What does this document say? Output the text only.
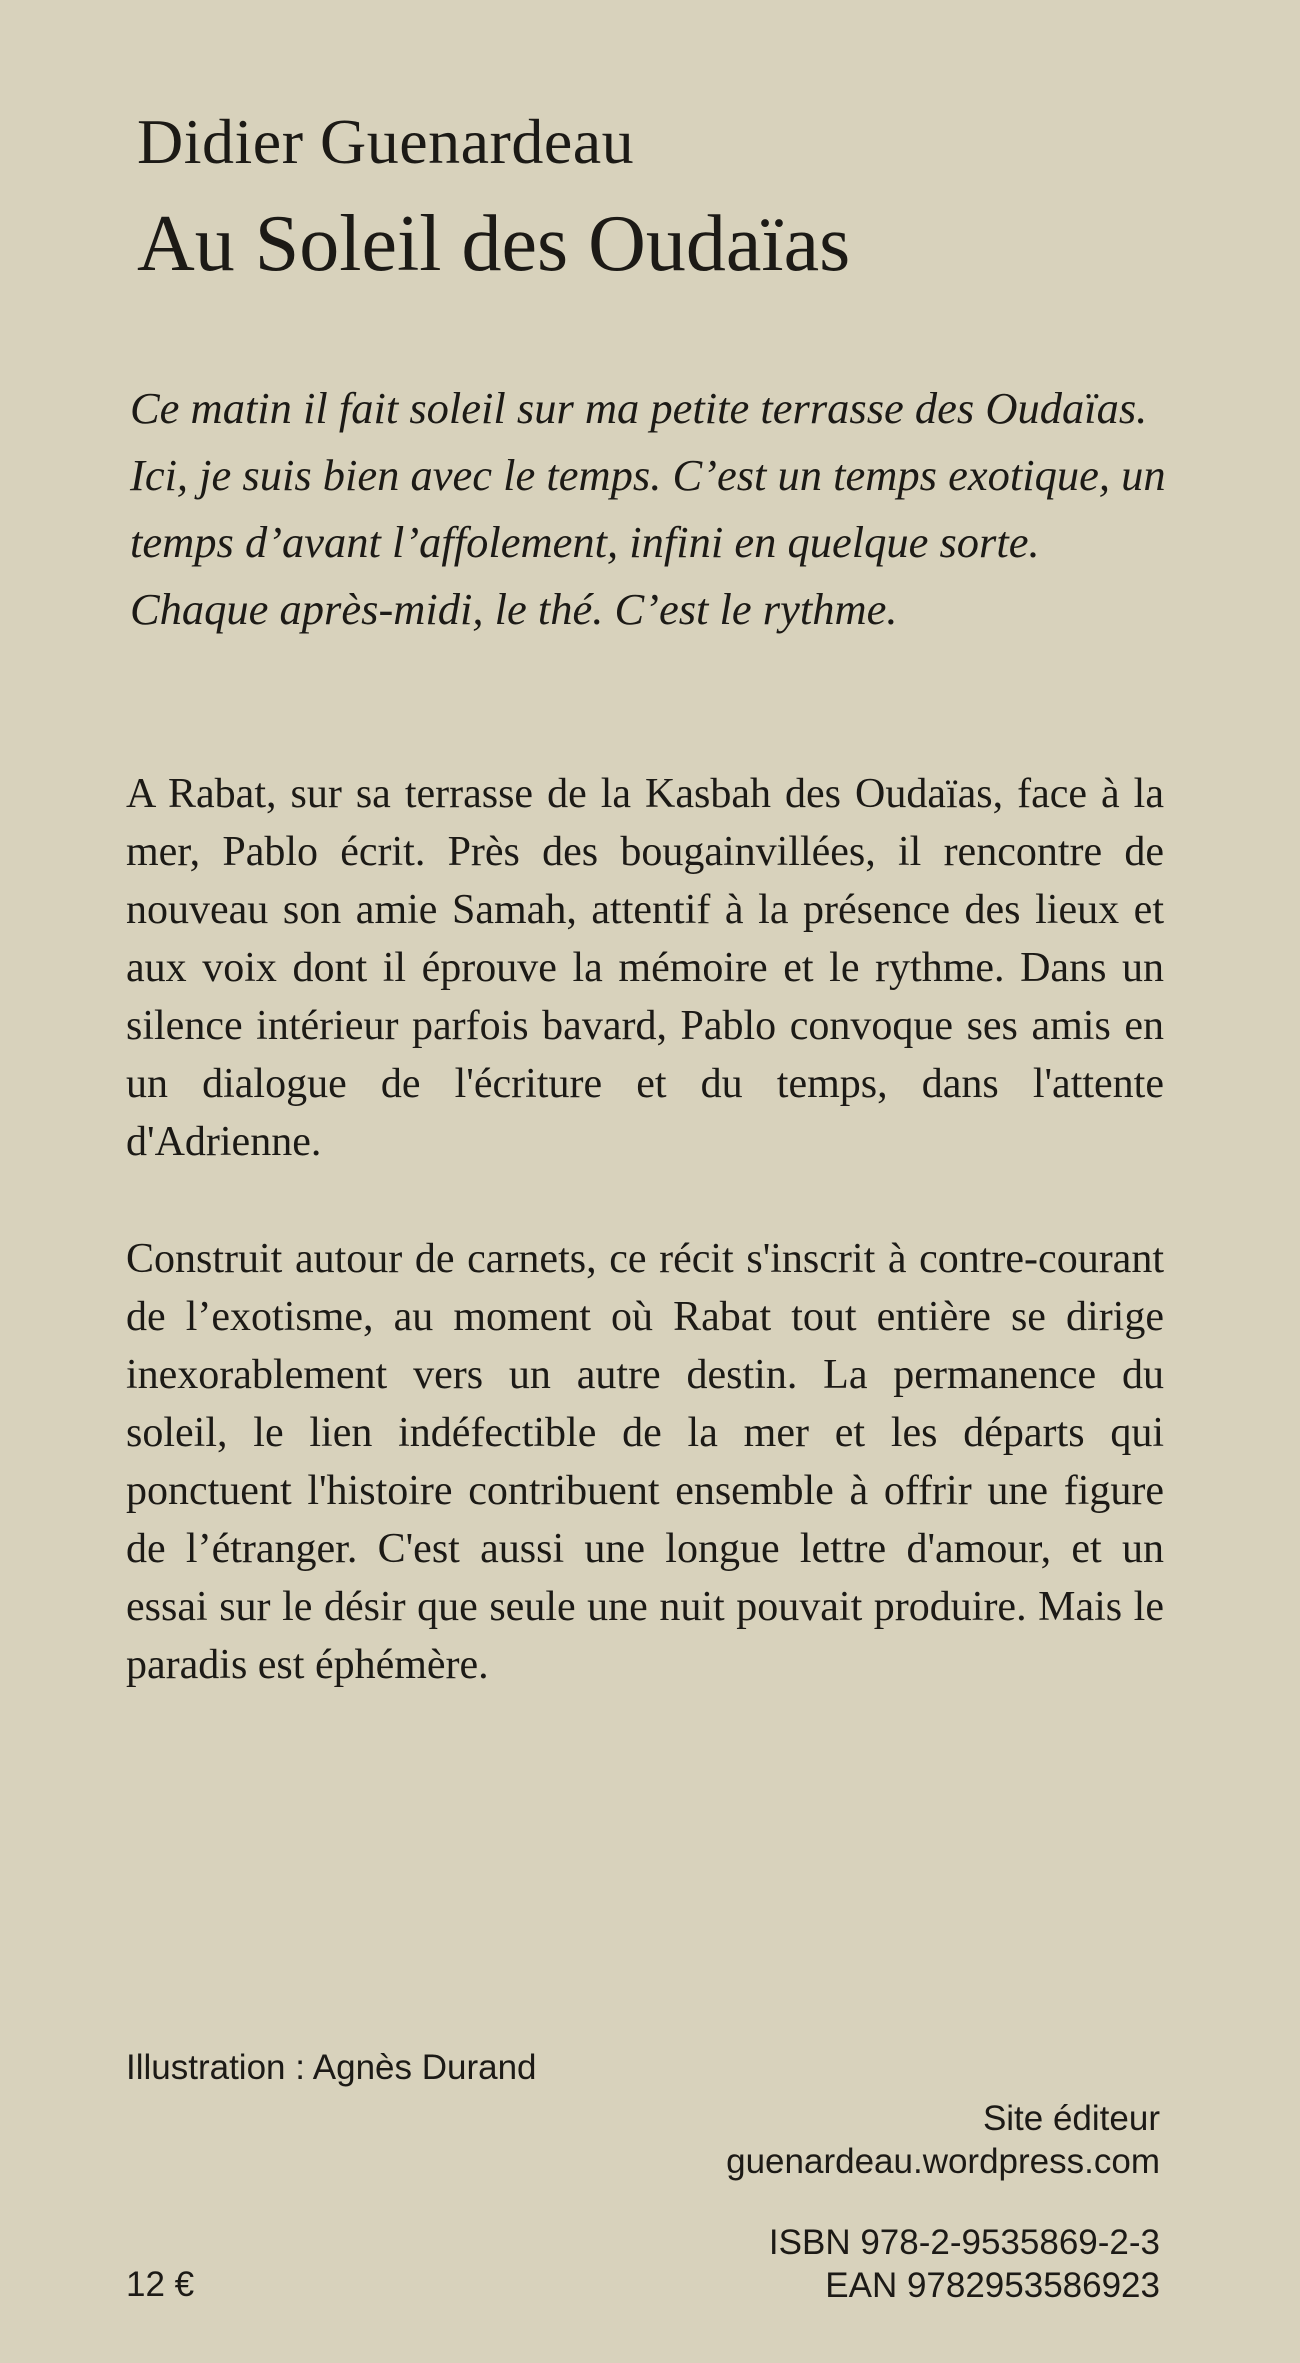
Didier Guenardeau
Au Soleil des Oudaïas

Ce matin il fait soleil sur ma petite terrasse des Oudaïas.
Ici, je suis bien avec le temps. C’est un temps exotique, un
temps d’avant l’affolement, infini en quelque sorte.
Chaque après-midi, le thé. C’est le rythme.

A Rabat, sur sa terrasse de la Kasbah des Oudaïas, face à la mer, Pablo écrit. Près des bougainvillées, il rencontre de nouveau son amie Samah, attentif à la présence des lieux et aux voix dont il éprouve la mémoire et le rythme. Dans un silence intérieur parfois bavard, Pablo convoque ses amis en un dialogue de l'écriture et du temps, dans l'attente d'Adrienne.

Construit autour de carnets, ce récit s'inscrit à contre-courant de l’exotisme, au moment où Rabat tout entière se dirige inexorablement vers un autre destin. La permanence du soleil, le lien indéfectible de la mer et les départs qui ponctuent l'histoire contribuent ensemble à offrir une figure de l’étranger. C'est aussi une longue lettre d'amour, et un essai sur le désir que seule une nuit pouvait produire. Mais le paradis est éphémère.

Illustration : Agnès Durand

Site éditeur
guenardeau.wordpress.com
ISBN 978-2-9535869-2-3
EAN 9782953586923

12 €
